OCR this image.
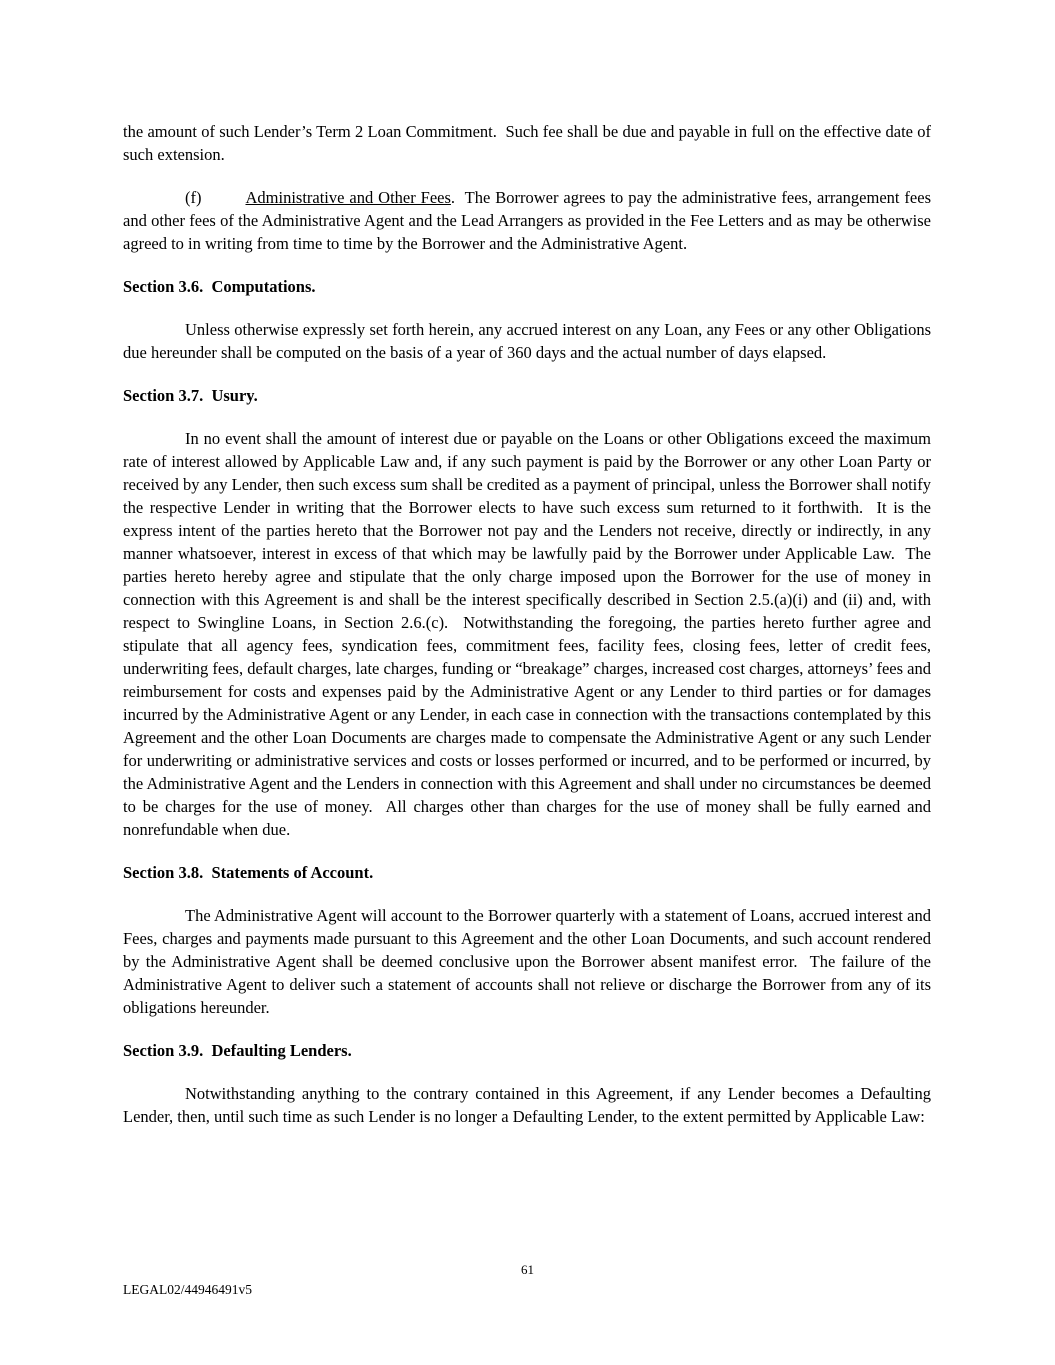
the amount of such Lender’s Term 2 Loan Commitment.  Such fee shall be due and payable in full on the effective date of such extension.

(f)	Administrative and Other Fees.  The Borrower agrees to pay the administrative fees, arrangement fees and other fees of the Administrative Agent and the Lead Arrangers as provided in the Fee Letters and as may be otherwise agreed to in writing from time to time by the Borrower and the Administrative Agent.

Section 3.6.  Computations.

Unless otherwise expressly set forth herein, any accrued interest on any Loan, any Fees or any other Obligations due hereunder shall be computed on the basis of a year of 360 days and the actual number of days elapsed.

Section 3.7.  Usury.

In no event shall the amount of interest due or payable on the Loans or other Obligations exceed the maximum rate of interest allowed by Applicable Law and, if any such payment is paid by the Borrower or any other Loan Party or received by any Lender, then such excess sum shall be credited as a payment of principal, unless the Borrower shall notify the respective Lender in writing that the Borrower elects to have such excess sum returned to it forthwith.  It is the express intent of the parties hereto that the Borrower not pay and the Lenders not receive, directly or indirectly, in any manner whatsoever, interest in excess of that which may be lawfully paid by the Borrower under Applicable Law.  The parties hereto hereby agree and stipulate that the only charge imposed upon the Borrower for the use of money in connection with this Agreement is and shall be the interest specifically described in Section 2.5.(a)(i) and (ii) and, with respect to Swingline Loans, in Section 2.6.(c).  Notwithstanding the foregoing, the parties hereto further agree and stipulate that all agency fees, syndication fees, commitment fees, facility fees, closing fees, letter of credit fees, underwriting fees, default charges, late charges, funding or “breakage” charges, increased cost charges, attorneys’ fees and reimbursement for costs and expenses paid by the Administrative Agent or any Lender to third parties or for damages incurred by the Administrative Agent or any Lender, in each case in connection with the transactions contemplated by this Agreement and the other Loan Documents are charges made to compensate the Administrative Agent or any such Lender for underwriting or administrative services and costs or losses performed or incurred, and to be performed or incurred, by the Administrative Agent and the Lenders in connection with this Agreement and shall under no circumstances be deemed to be charges for the use of money.  All charges other than charges for the use of money shall be fully earned and nonrefundable when due.

Section 3.8.  Statements of Account.

The Administrative Agent will account to the Borrower quarterly with a statement of Loans, accrued interest and Fees, charges and payments made pursuant to this Agreement and the other Loan Documents, and such account rendered by the Administrative Agent shall be deemed conclusive upon the Borrower absent manifest error.  The failure of the Administrative Agent to deliver such a statement of accounts shall not relieve or discharge the Borrower from any of its obligations hereunder.

Section 3.9.  Defaulting Lenders.

Notwithstanding anything to the contrary contained in this Agreement, if any Lender becomes a Defaulting Lender, then, until such time as such Lender is no longer a Defaulting Lender, to the extent permitted by Applicable Law:

61
LEGAL02/44946491v5
